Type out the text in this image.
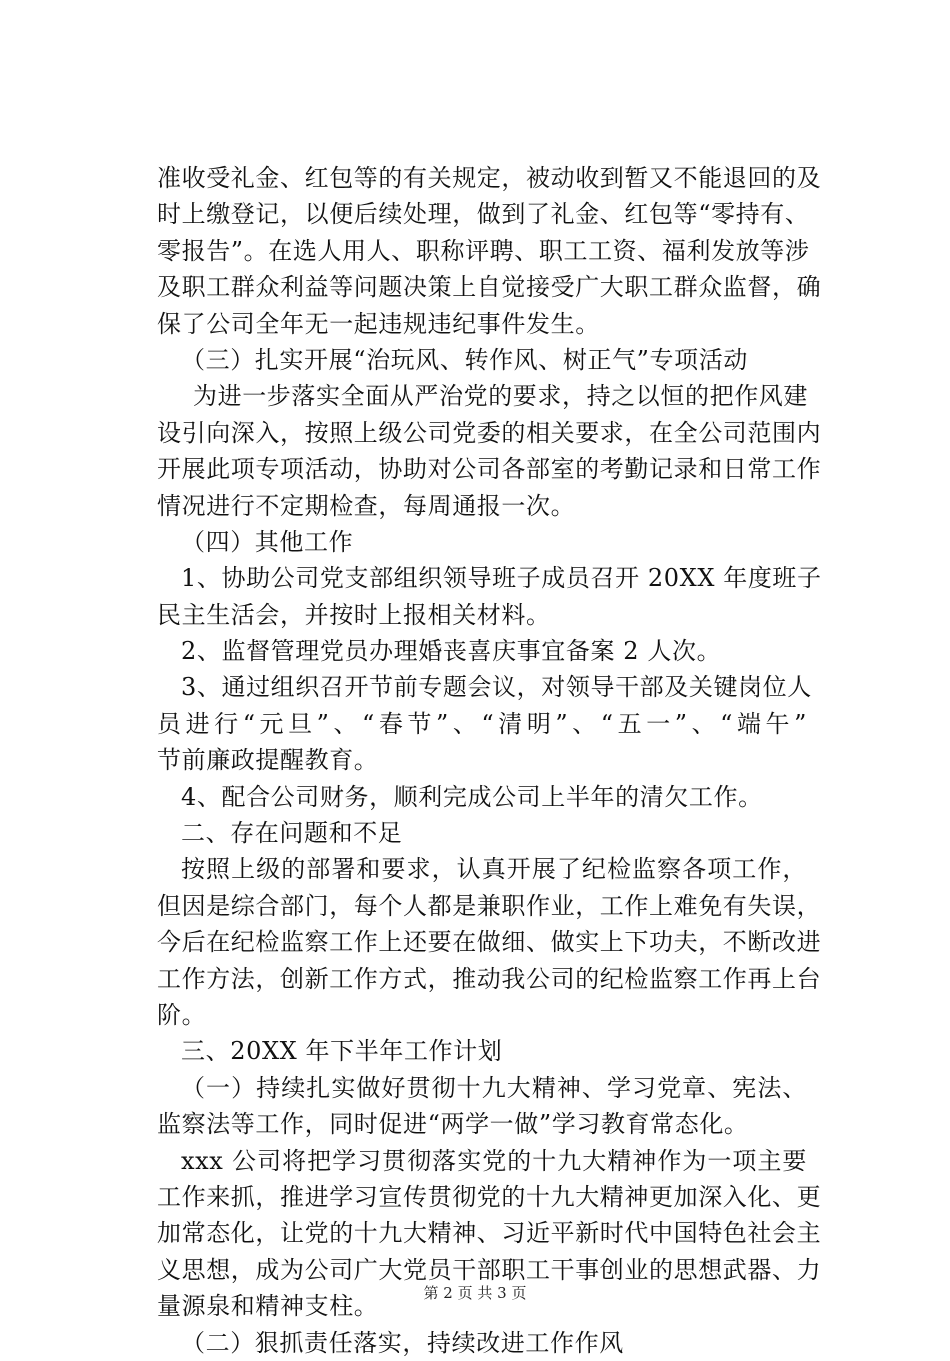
准收受礼金、红包等的有关规定，被动收到暂又不能退回的及
时上缴登记，以便后续处理，做到了礼金、红包等“零持有、
零报告”。在选人用人、职称评聘、职工工资、福利发放等涉
及职工群众利益等问题决策上自觉接受广大职工群众监督，确
保了公司全年无一起违规违纪事件发生。
（三）扎实开展“治玩风、转作风、树正气”专项活动
为进一步落实全面从严治党的要求，持之以恒的把作风建
设引向深入，按照上级公司党委的相关要求，在全公司范围内
开展此项专项活动，协助对公司各部室的考勤记录和日常工作
情况进行不定期检查，每周通报一次。
（四）其他工作
1、协助公司党支部组织领导班子成员召开 20XX 年度班子
民主生活会，并按时上报相关材料。
2、监督管理党员办理婚丧喜庆事宜备案 2 人次。
3、通过组织召开节前专题会议，对领导干部及关键岗位人
员进行“元旦”、“春节”、“清明”、“五一”、“端午”
节前廉政提醒教育。
4、配合公司财务，顺利完成公司上半年的清欠工作。
二、存在问题和不足
按照上级的部署和要求，认真开展了纪检监察各项工作，
但因是综合部门，每个人都是兼职作业，工作上难免有失误，
今后在纪检监察工作上还要在做细、做实上下功夫，不断改进
工作方法，创新工作方式，推动我公司的纪检监察工作再上台
阶。
三、20XX 年下半年工作计划
（一）持续扎实做好贯彻十九大精神、学习党章、宪法、
监察法等工作，同时促进“两学一做”学习教育常态化。
xxx 公司将把学习贯彻落实党的十九大精神作为一项主要
工作来抓，推进学习宣传贯彻党的十九大精神更加深入化、更
加常态化，让党的十九大精神、习近平新时代中国特色社会主
义思想，成为公司广大党员干部职工干事创业的思想武器、力
量源泉和精神支柱。
（二）狠抓责任落实，持续改进工作作风
第 2 页 共 3 页
